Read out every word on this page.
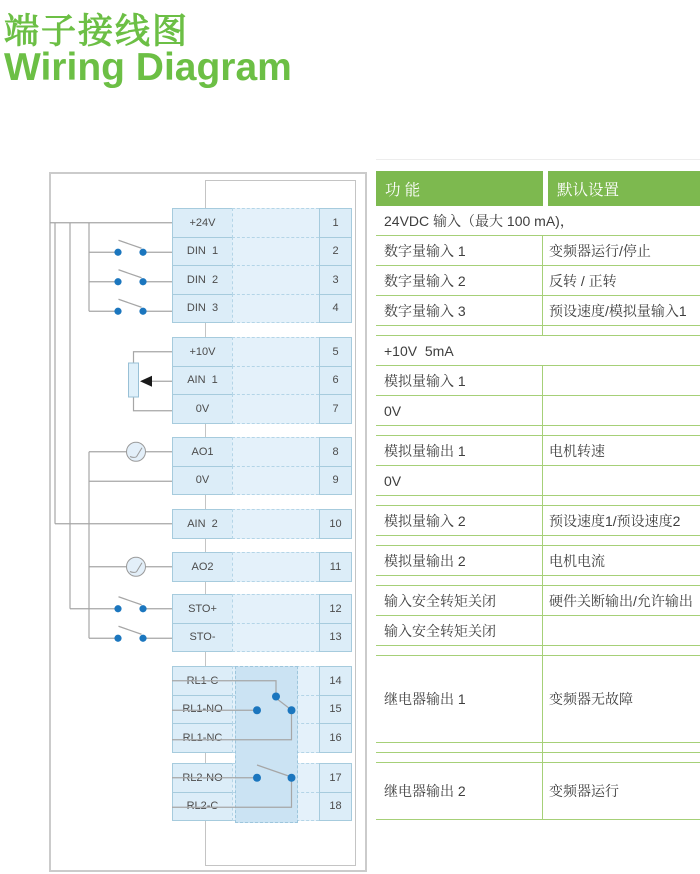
端子接线图
Wiring Diagram
+24V	1
DIN  1	2
DIN  2	3
DIN  3	4
+10V	5
AIN  1	6
0V	7
AO1	8
0V	9
AIN  2	10
AO2	11
STO+	12
STO-	13
RL1-C	14
RL1-NO	15
RL1-NC	16
RL2-NO	17
RL2-C	18
功 能	默认设置
24VDC 输入（最大 100 mA)，
数字量输入 1	变频器运行/停止
数字量输入 2	反转 / 正转
数字量输入 3	预设速度/模拟量输入1
+10V  5mA
模拟量输入 1
0V
模拟量输出 1	电机转速
0V
模拟量输入 2	预设速度1/预设速度2
模拟量输出 2	电机电流
输入安全转矩关闭	硬件关断输出/允许输出
输入安全转矩关闭
继电器输出 1	变频器无故障
继电器输出 2	变频器运行
